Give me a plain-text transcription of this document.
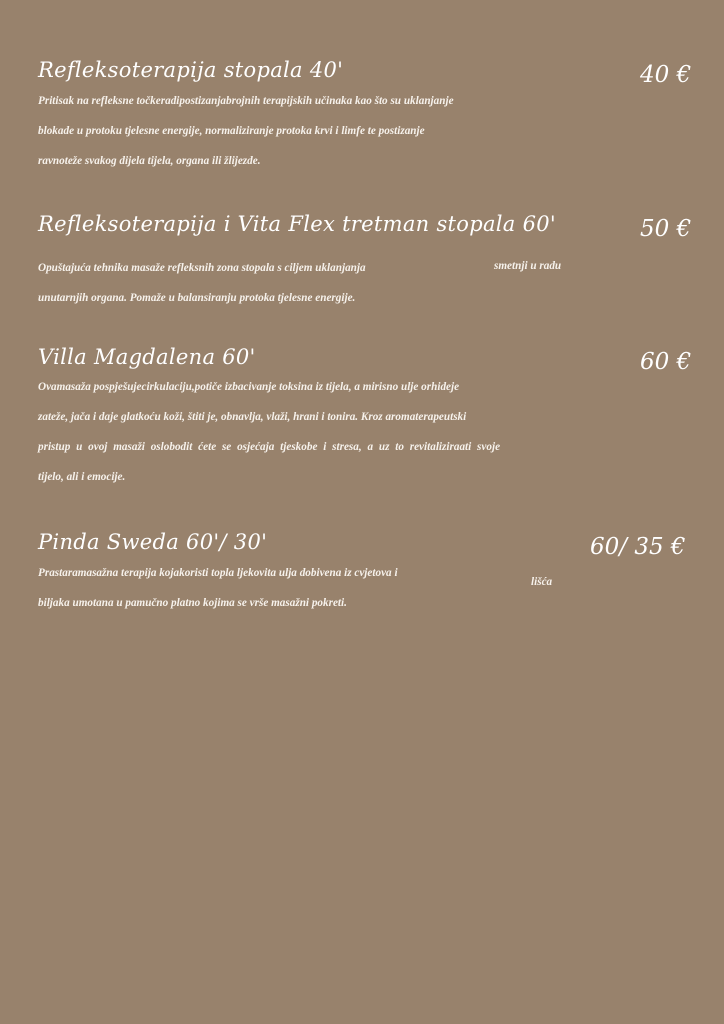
Refleksoterapija stopala 40'	40 €
Pritisak na refleksne točkeradipostizanjabrojnih terapijskih učinaka kao što su uklanjanje
blokade u protoku tjelesne energije, normaliziranje protoka krvi i limfe te postizanje
ravnoteže svakog dijela tijela, organa ili žlijezde.
Refleksoterapija i Vita Flex tretman stopala 60'	50 €
Opuštajuća tehnika masaže refleksnih zona stopala s ciljem uklanjanja
unutarnjih organa. Pomaže u balansiranju protoka tjelesne energije.
smetnji u radu
Villa Magdalena 60'	60 €
Ovamasaža pospješujecirkulaciju,potiče izbacivanje toksina iz tijela, a mirisno ulje orhideje
zateže, jača i daje glatkoću koži, štiti je, obnavlja, vlaži, hrani i tonira. Kroz aromaterapeutski
pristup u ovoj masaži oslobodit ćete se osjećaja tjeskobe i stresa, a uz to revitaliziraati svoje
tijelo, ali i emocije.
Pinda Sweda 60'/ 30'	60/ 35 €
Prastaramasažna terapija kojakoristi topla ljekovita ulja dobivena iz cvjetova i
biljaka umotana u pamučno platno kojima se vrše masažni pokreti.
lišća
